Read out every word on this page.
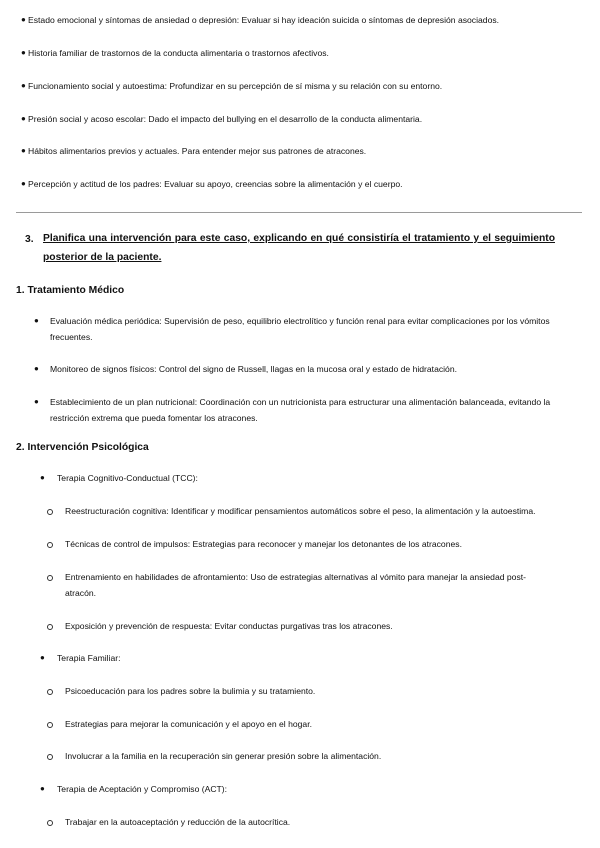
● Estado emocional y síntomas de ansiedad o depresión: Evaluar si hay ideación suicida o síntomas de depresión asociados.
● Historia familiar de trastornos de la conducta alimentaria o trastornos afectivos.
● Funcionamiento social y autoestima: Profundizar en su percepción de sí misma y su relación con su entorno.
● Presión social y acoso escolar: Dado el impacto del bullying en el desarrollo de la conducta alimentaria.
● Hábitos alimentarios previos y actuales. Para entender mejor sus patrones de atracones.
● Percepción y actitud de los padres: Evaluar su apoyo, creencias sobre la alimentación y el cuerpo.
3. Planifica una intervención para este caso, explicando en qué consistiría el tratamiento y el seguimiento posterior de la paciente.
1. Tratamiento Médico
● Evaluación médica periódica: Supervisión de peso, equilibrio electrolítico y función renal para evitar complicaciones por los vómitos frecuentes.
● Monitoreo de signos físicos: Control del signo de Russell, llagas en la mucosa oral y estado de hidratación.
● Establecimiento de un plan nutricional: Coordinación con un nutricionista para estructurar una alimentación balanceada, evitando la restricción extrema que pueda fomentar los atracones.
2. Intervención Psicológica
● Terapia Cognitivo-Conductual (TCC):
Reestructuración cognitiva: Identificar y modificar pensamientos automáticos sobre el peso, la alimentación y la autoestima.
Técnicas de control de impulsos: Estrategias para reconocer y manejar los detonantes de los atracones.
Entrenamiento en habilidades de afrontamiento: Uso de estrategias alternativas al vómito para manejar la ansiedad post-atracón.
Exposición y prevención de respuesta: Evitar conductas purgativas tras los atracones.
● Terapia Familiar:
Psicoeducación para los padres sobre la bulimia y su tratamiento.
Estrategias para mejorar la comunicación y el apoyo en el hogar.
Involucrar a la familia en la recuperación sin generar presión sobre la alimentación.
● Terapia de Aceptación y Compromiso (ACT):
Trabajar en la autoaceptación y reducción de la autocrítica.
